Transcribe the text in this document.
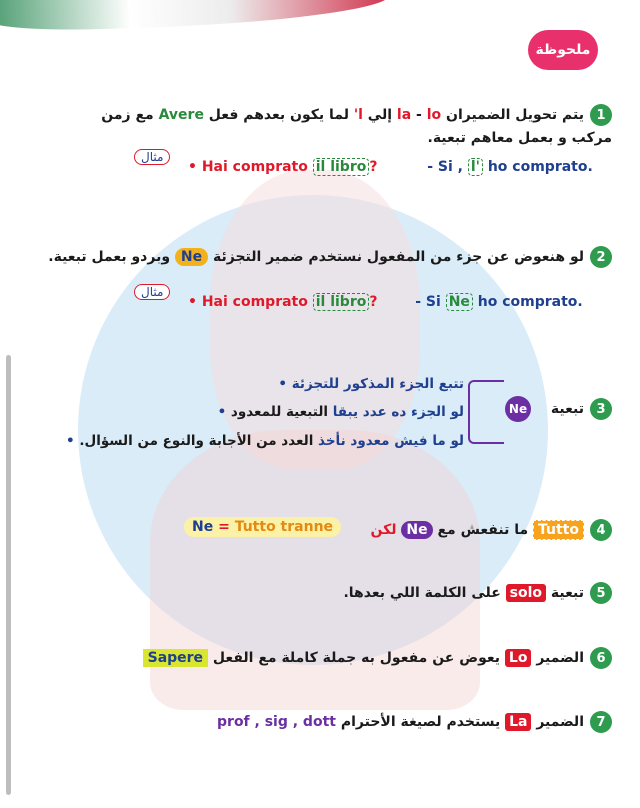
ملحوظة
1يتم تحويل الضميران lo - la إلي 'l لما يكون بعدهم فعل Avere مع زمن
مركب و بعمل معاهم تبعية.
مثال
• Hai comprato il libro ?	- Si , l' ho comprato.
2لو هنعوض عن جزء من المفعول نستخدم ضمير التجزئة Ne وبردو بعمل تبعية.
مثال
• Hai comprato il libro ?	- Si Ne ho comprato.
3تبعية
Ne
تتبع الجزء المذكور للتجزئة •
لو الجزء ده عدد يبقا التبعية للمعدود •
لو ما فيش معدود نأخذ العدد من الأجابة والنوع من السؤال. •
4Tutto ما تنفعش مع Ne لكن
Ne = Tutto tranne
5تبعية solo على الكلمة اللي بعدها.
6الضمير Lo يعوض عن مفعول به جملة كاملة مع الفعل Sapere
7الضمير La يستخدم لصيغة الأحترام prof , sig , dott
